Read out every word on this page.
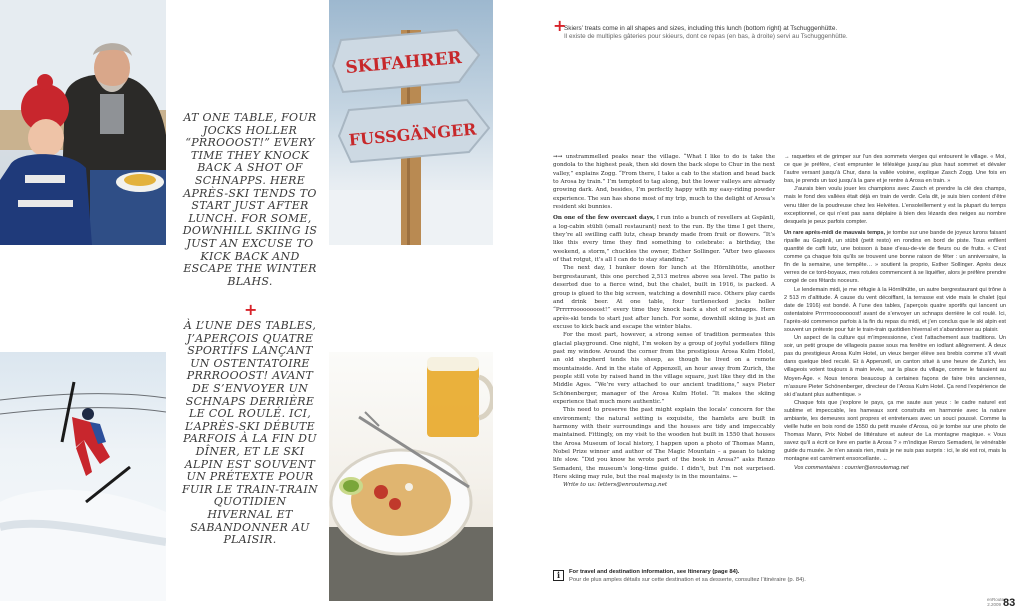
SKIFAHRER
FUSSGÄNGER
AT ONE TABLE, FOUR JOCKS HOLLER “PRROOOST!” EVERY TIME THEY KNOCK BACK A SHOT OF SCHNAPPS. HERE APRÈS-SKI TENDS TO START JUST AFTER LUNCH. FOR SOME, DOWNHILL SKIING IS JUST AN EXCUSE TO KICK BACK AND ESCAPE THE WINTER BLAHS.
+
À L’UNE DES TABLES, J’APERÇOIS QUATRE SPORTIFS LANÇANT UN OSTENTATOIRE PRRROOOST! AVANT DE S’ENVOYER UN SCHNAPS DERRIÈRE LE COL ROULÉ. ICI, L’APRÈS-SKI DÉBUTE PARFOIS À LA FIN DU DÎNER, ET LE SKI ALPIN EST SOUVENT UN PRÉTEXTE POUR FUIR LE TRAIN-TRAIN QUOTIDIEN HIVERNAL ET SABANDONNER AU PLAISIR.
+
Skiers’ treats come in all shapes and sizes, including this lunch (bottom right) at Tschuggenhütte.
Il existe de multiples gâteries pour skieurs, dont ce repas (en bas, à droite) servi au Tschuggenhütte.

→→ unstrammelled peaks near the village. “What I like to do is take the gondola to the highest peak, then ski down the back slope to Chur in the next valley,” explains Zogg. “From there, I take a cab to the station and head back to Arosa by train.” I’m tempted to tag along, but the lower valleys are already growing dark. And, besides, I’m perfectly happy with my easy-riding powder experience. The sun has shone most of my trip, much to the delight of Arosa’s resident ski bunnies.

On one of the few overcast days, I run into a bunch of revellers at Gspänli, a log-cabin stübli (small restaurant) next to the run. By the time I get there, they’re all swilling caffi lutz, cheap brandy made from fruit or flowers. “It’s like this every time they find something to celebrate: a birthday, the weekend, a storm,” chuckles the owner, Esther Sollinger. “After two glasses of that rotgut, it’s all I can do to stay standing.”

The next day, I hunker down for lunch at the Hörnlihütte, another bergrestaurant, this one perched 2,513 metres above sea level. The patio is deserted due to a fierce wind, but the chalet, built in 1916, is packed. A group is glued to the big screen, watching a downhill race. Others play cards and drink beer. At one table, four turtlenecked jocks holler “Prrrrroooooooost!” every time they knock back a shot of schnapps. Here après-ski tends to start just after lunch. For some, downhill skiing is just an excuse to kick back and escape the winter blahs.

For the most part, however, a strong sense of tradition permeates this glacial playground. One night, I’m woken by a group of joyful yodellers filing past my window. Around the corner from the prestigious Arosa Kulm Hotel, an old shepherd tends his sheep, as though he lived on a remote mountainside. And in the state of Appenzell, an hour away from Zurich, the people still vote by raised hand in the village square, just like they did in the Middle Ages. “We’re very attached to our ancient traditions,” says Pieter Schönenberger, manager of the Arosa Kulm Hotel. “It makes the skiing experience that much more authentic.”

This need to preserve the past might explain the locals’ concern for the environment; the natural setting is exquisite, the hamlets are built in harmony with their surroundings and the houses are tidy and impeccably maintained. Fittingly, on my visit to the wooden hut built in 1550 that houses the Arosa Museum of local history, I happen upon a photo of Thomas Mann, Nobel Prize winner and author of The Magic Mountain – a paean to taking life slow. “Did you know he wrote part of the book in Arosa?” asks Renzo Semadeni, the museum’s long-time guide. I didn’t, but I’m not surprised. Here skiing may rule, but the real majesty is in the mountains. ←

Write to us: letters@enroutemag.net

→ raquettes et de grimper sur l’un des sommets vierges qui entourent le village. « Moi, ce que je préfère, c’est emprunter le télésiège jusqu’au plus haut sommet et dévaler l’autre versant jusqu’à Chur, dans la vallée voisine, explique Zasch Zogg. Une fois en bas, je prends un taxi jusqu’à la gare et je rentre à Arosa en train. »

J’aurais bien voulu jouer les champions avec Zasch et prendre la clé des champs, mais le fond des vallées était déjà en train de verdir. Cela dit, je suis bien content d’être venu tâter de la poudreuse chez les Helvètes. L’ensoleillement y est la plupart du temps exceptionnel, ce qui n’est pas sans déplaire à bien des lézards des neiges au nombre desquels je peux parfois compter.

Un rare après-midi de mauvais temps, je tombe sur une bande de joyeux lurons faisant ripaille au Gspänli, un stübli (petit resto) en rondins en bord de piste. Tous enfilent quantité de caffi lutz, une boisson à base d’eau-de-vie de fleurs ou de fruits. « C’est comme ça chaque fois qu’ils se trouvent une bonne raison de fêter : un anniversaire, la fin de la semaine, une tempête… » soutient la proprio, Esther Sollinger. Après deux verres de ce tord-boyaux, mes rotules commencent à se liquéfier, alors je préfère prendre congé de ces fêtards noceurs.

Le lendemain midi, je me réfugie à la Hörnlihütte, un autre bergrestaurant qui trône à 2 513 m d’altitude. À cause du vent décoiffant, la terrasse est vide mais le chalet (qui date de 1916) est bondé. À l’une des tables, j’aperçois quatre sportifs qui lancent un ostentatoire Prrrrrroooooooost! avant de s’envoyer un schnaps derrière le col roulé. Ici, l’après-ski commence parfois à la fin du repas du midi, et j’en conclus que le ski alpin est souvent un prétexte pour fuir le train-train quotidien hivernal et s’abandonner au plaisir.

Un aspect de la culture qui m’impressionne, c’est l’attachement aux traditions. Un soir, un petit groupe de villageois passe sous ma fenêtre en iodlant allègrement. À deux pas du prestigieux Arosa Kulm Hotel, un vieux berger élève ses brebis comme s’il vivait dans quelque bled reculé. Et à Appenzell, un canton situé à une heure de Zurich, les villageois votent toujours à main levée, sur la place du village, comme le faisaient au Moyen-Âge. « Nous tenons beaucoup à certaines façons de faire très anciennes, m’assure Pieter Schönenberger, directeur de l’Arosa Kulm Hotel. Ça rend l’expérience de ski d’autant plus authentique. »

Chaque fois que j’explore le pays, ça me saute aux yeux : le cadre naturel est sublime et impeccable, les hameaux sont construits en harmonie avec la nature ambiante, les demeures sont propres et entretenues avec un souci poussé. Comme la vieille hutte en bois rond de 1550 du petit musée d’Arosa, où je tombe sur une photo de Thomas Mann, Prix Nobel de littérature et auteur de La montagne magique. « Vous savez qu’il a écrit ce livre en partie à Arosa ? » m’indique Renzo Semadeni, le vénérable guide du musée. Je n’en savais rien, mais je ne suis pas surpris : ici, le ski est roi, mais la montagne est carrément ensorcellante. ←

Vos commentaires : courrier@enroutemag.net

i	For travel and destination information, see Itinerary (page 84).
Pour de plus amples détails sur cette destination et sa desserte, consultez l’itinéraire (p. 84).
enRoute
2.2009 83
